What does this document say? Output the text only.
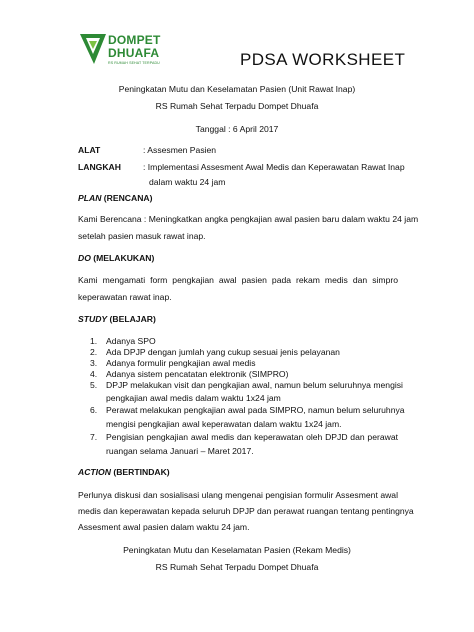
DOMPET
DHUAFA
RS RUMAH SEHAT TERPADU	PDSA WORKSHEET
Peningkatan Mutu dan Keselamatan Pasien (Unit Rawat Inap)
RS Rumah Sehat Terpadu Dompet Dhuafa
Tanggal : 6 April 2017
ALAT	: Assesmen Pasien
LANGKAH	: Implementasi Assesment Awal Medis dan Keperawatan Rawat Inap
dalam waktu 24 jam
PLAN (RENCANA)
Kami Berencana : Meningkatkan angka pengkajian awal pasien baru dalam waktu 24 jam
setelah pasien masuk rawat inap.
DO (MELAKUKAN)
Kami mengamati form pengkajian awal pasien pada rekam medis dan simpro
keperawatan rawat inap.
STUDY (BELAJAR)
1. Adanya SPO
2. Ada DPJP dengan jumlah yang cukup sesuai jenis pelayanan
3. Adanya formulir pengkajian awal medis
4. Adanya sistem pencatatan elektronik (SIMPRO)
5. DPJP melakukan visit dan pengkajian awal, namun belum seluruhnya mengisi
pengkajian awal medis dalam waktu 1x24 jam
6. Perawat melakukan pengkajian awal pada SIMPRO, namun belum seluruhnya
mengisi pengkajian awal keperawatan dalam waktu 1x24 jam.
7. Pengisian pengkajian awal medis dan keperawatan oleh DPJD dan perawat
ruangan selama Januari – Maret 2017.
ACTION (BERTINDAK)
Perlunya diskusi dan sosialisasi ulang mengenai pengisian formulir Assesment awal
medis dan keperawatan kepada seluruh DPJP dan perawat ruangan tentang pentingnya
Assesment awal pasien dalam waktu 24 jam.
Peningkatan Mutu dan Keselamatan Pasien (Rekam Medis)
RS Rumah Sehat Terpadu Dompet Dhuafa
